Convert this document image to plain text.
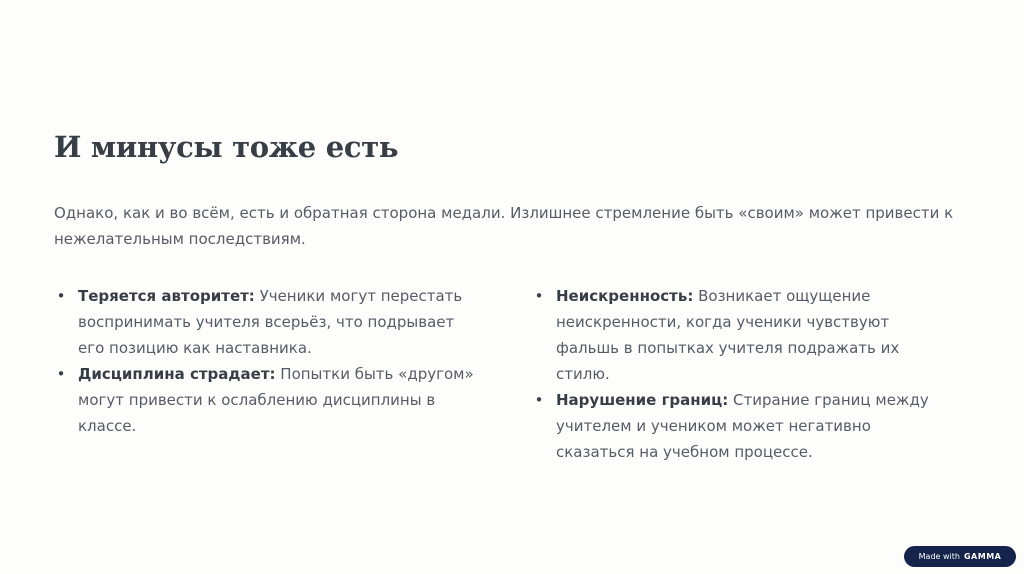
И минусы тоже есть

Однако, как и во всём, есть и обратная сторона медали. Излишнее стремление быть «своим» может привести к нежелательным последствиям.

• Теряется авторитет: Ученики могут перестать воспринимать учителя всерьёз, что подрывает его позицию как наставника.
• Дисциплина страдает: Попытки быть «другом» могут привести к ослаблению дисциплины в классе.
• Неискренность: Возникает ощущение неискренности, когда ученики чувствуют фальшь в попытках учителя подражать их стилю.
• Нарушение границ: Стирание границ между учителем и учеником может негативно сказаться на учебном процессе.
Made with GAMMA
